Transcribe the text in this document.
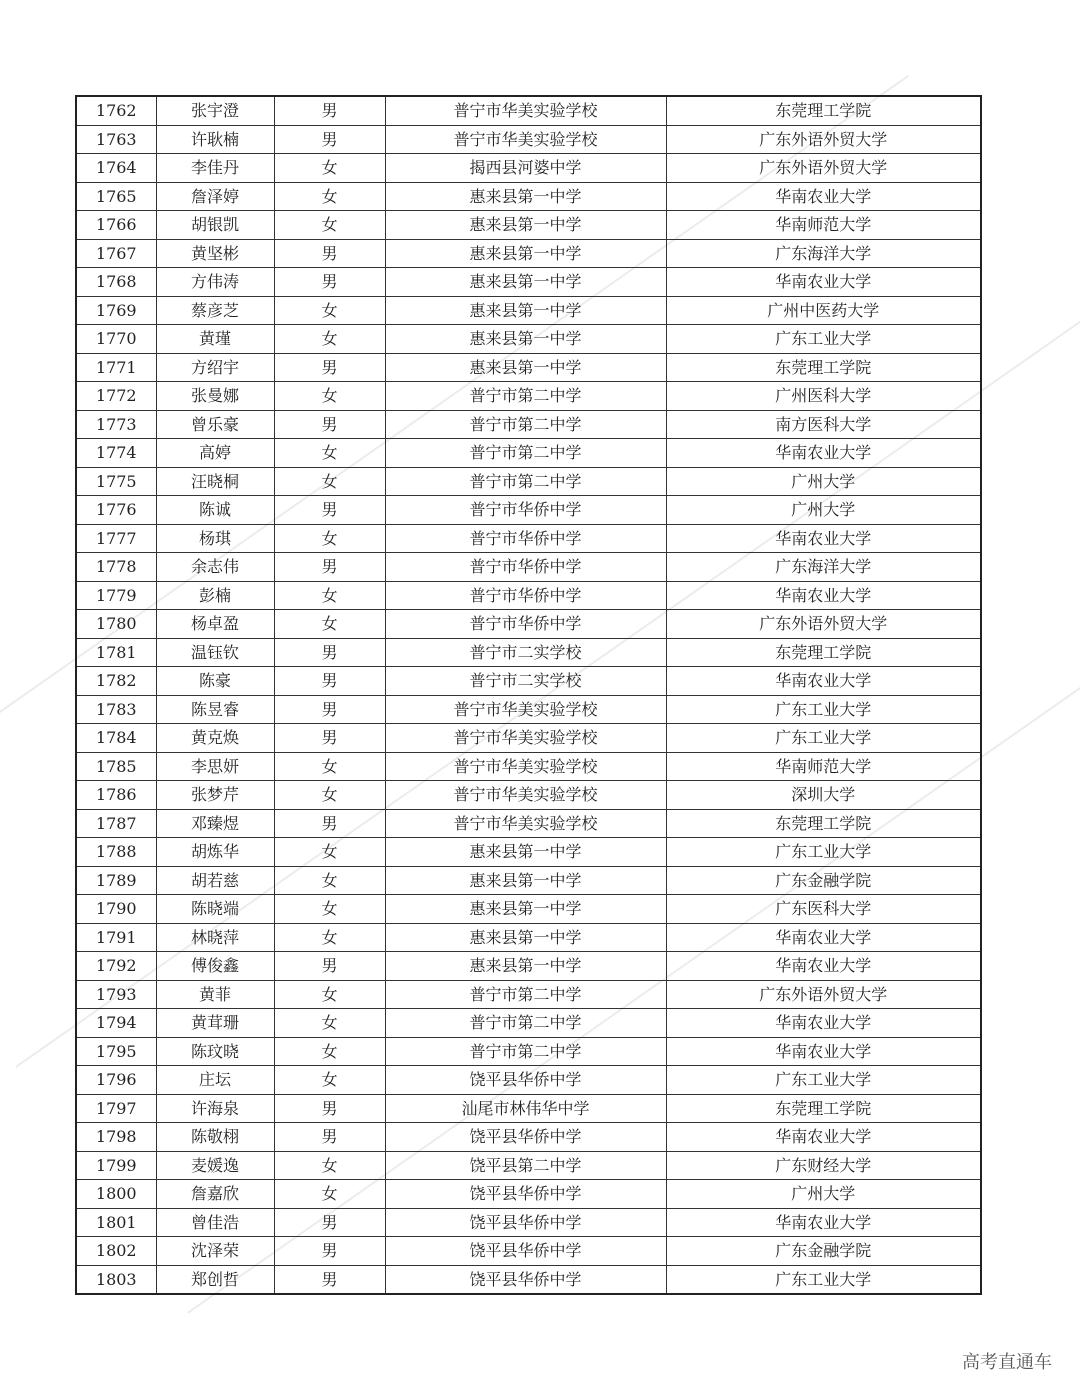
1762	张宇澄	男	普宁市华美实验学校	东莞理工学院
1763	许耿楠	男	普宁市华美实验学校	广东外语外贸大学
1764	李佳丹	女	揭西县河婆中学	广东外语外贸大学
1765	詹泽婷	女	惠来县第一中学	华南农业大学
1766	胡银凯	女	惠来县第一中学	华南师范大学
1767	黄坚彬	男	惠来县第一中学	广东海洋大学
1768	方伟涛	男	惠来县第一中学	华南农业大学
1769	蔡彦芝	女	惠来县第一中学	广州中医药大学
1770	黄瑾	女	惠来县第一中学	广东工业大学
1771	方绍宇	男	惠来县第一中学	东莞理工学院
1772	张曼娜	女	普宁市第二中学	广州医科大学
1773	曾乐豪	男	普宁市第二中学	南方医科大学
1774	高婷	女	普宁市第二中学	华南农业大学
1775	汪晓桐	女	普宁市第二中学	广州大学
1776	陈诚	男	普宁市华侨中学	广州大学
1777	杨琪	女	普宁市华侨中学	华南农业大学
1778	余志伟	男	普宁市华侨中学	广东海洋大学
1779	彭楠	女	普宁市华侨中学	华南农业大学
1780	杨卓盈	女	普宁市华侨中学	广东外语外贸大学
1781	温钰钦	男	普宁市二实学校	东莞理工学院
1782	陈豪	男	普宁市二实学校	华南农业大学
1783	陈昱睿	男	普宁市华美实验学校	广东工业大学
1784	黄克焕	男	普宁市华美实验学校	广东工业大学
1785	李思妍	女	普宁市华美实验学校	华南师范大学
1786	张梦芹	女	普宁市华美实验学校	深圳大学
1787	邓臻煜	男	普宁市华美实验学校	东莞理工学院
1788	胡炼华	女	惠来县第一中学	广东工业大学
1789	胡若慈	女	惠来县第一中学	广东金融学院
1790	陈晓端	女	惠来县第一中学	广东医科大学
1791	林晓萍	女	惠来县第一中学	华南农业大学
1792	傅俊鑫	男	惠来县第一中学	华南农业大学
1793	黄菲	女	普宁市第二中学	广东外语外贸大学
1794	黄茸珊	女	普宁市第二中学	华南农业大学
1795	陈玟晓	女	普宁市第二中学	华南农业大学
1796	庄坛	女	饶平县华侨中学	广东工业大学
1797	许海泉	男	汕尾市林伟华中学	东莞理工学院
1798	陈敬栩	男	饶平县华侨中学	华南农业大学
1799	麦媛逸	女	饶平县第二中学	广东财经大学
1800	詹嘉欣	女	饶平县华侨中学	广州大学
1801	曾佳浩	男	饶平县华侨中学	华南农业大学
1802	沈泽荣	男	饶平县华侨中学	广东金融学院
1803	郑创哲	男	饶平县华侨中学	广东工业大学
高考直通车
